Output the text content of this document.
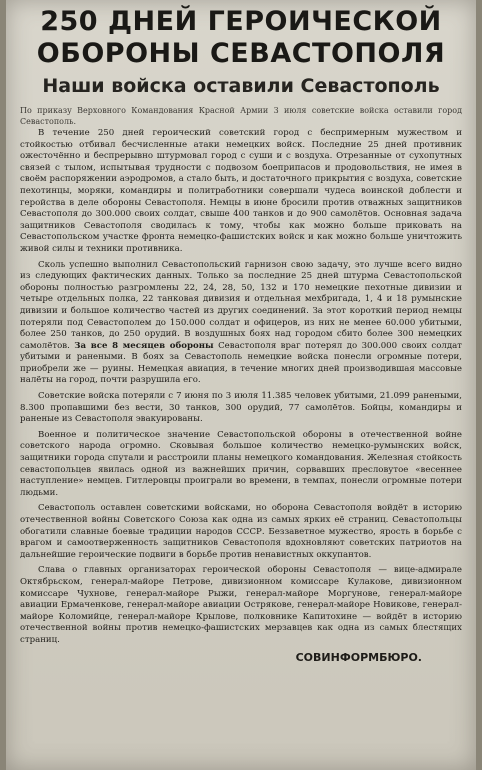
250 ДНЕЙ ГЕРОИЧЕСКОЙ
ОБОРОНЫ СЕВАСТОПОЛЯ
Наши войска оставили Севастополь

По приказу Верховного Командования Красной Армии 3 июля советские войска оставили город Севастополь.

В течение 250 дней героический советский город с беспримерным мужеством и стойкостью отбивал бесчисленные атаки немецких войск. Последние 25 дней противник ожесточённо и беспрерывно штурмовал город с суши и с воздуха. Отрезанные от сухопутных связей с тылом, испытывая трудности с подвозом боеприпасов и продовольствия, не имея в своём распоряжении аэродромов, а стало быть, и достаточного прикрытия с воздуха, советские пехотинцы, моряки, командиры и политработники совершали чудеса воинской доблести и геройства в деле обороны Севастополя. Немцы в июне бросили против отважных защитников Севастополя до 300.000 своих солдат, свыше 400 танков и до 900 самолётов. Основная задача защитников Севастополя сводилась к тому, чтобы как можно больше приковать на Севастопольском участке фронта немецко-фашистских войск и как можно больше уничтожить живой силы и техники противника.

Сколь успешно выполнил Севастопольский гарнизон свою задачу, это лучше всего видно из следующих фактических данных. Только за последние 25 дней штурма Севастопольской обороны полностью разгромлены 22, 24, 28, 50, 132 и 170 немецкие пехотные дивизии и четыре отдельных полка, 22 танковая дивизия и отдельная мехбригада, 1, 4 и 18 румынские дивизии и большое количество частей из других соединений. За этот короткий период немцы потеряли под Севастополем до 150.000 солдат и офицеров, из них не менее 60.000 убитыми, более 250 танков, до 250 орудий. В воздушных боях над городом сбито более 300 немецких самолётов. За все 8 месяцев обороны Севастополя враг потерял до 300.000 своих солдат убитыми и ранеными. В боях за Севастополь немецкие войска понесли огромные потери, приобрели же — руины. Немецкая авиация, в течение многих дней производившая массовые налёты на город, почти разрушила его.

Советские войска потеряли с 7 июня по 3 июля 11.385 человек убитыми, 21.099 ранеными, 8.300 пропавшими без вести, 30 танков, 300 орудий, 77 самолётов. Бойцы, командиры и раненые из Севастополя эвакуированы.

Военное и политическое значение Севастопольской обороны в отечественной войне советского народа огромно. Сковывая большое количество немецко-румынских войск, защитники города спутали и расстроили планы немецкого командования. Железная стойкость севастопольцев явилась одной из важнейших причин, сорвавших пресловутое «весеннее наступление» немцев. Гитлеровцы проиграли во времени, в темпах, понесли огромные потери людьми.

Севастополь оставлен советскими войсками, но оборона Севастополя войдёт в историю отечественной войны Советского Союза как одна из самых ярких её страниц. Севастопольцы обогатили славные боевые традиции народов СССР. Беззаветное мужество, ярость в борьбе с врагом и самоотверженность защитников Севастополя вдохновляют советских патриотов на дальнейшие героические подвиги в борьбе против ненавистных оккупантов.

Слава о главных организаторах героической обороны Севастополя — вице-адмирале Октябрьском, генерал-майоре Петрове, дивизионном комиссаре Кулакове, дивизионном комиссаре Чухнове, генерал-майоре Рыжи, генерал-майоре Моргунове, генерал-майоре авиации Ермаченкове, генерал-майоре авиации Острякове, генерал-майоре Новикове, генерал-майоре Коломийце, генерал-майоре Крылове, полковнике Капитохине — войдёт в историю отечественной войны против немецко-фашистских мерзавцев как одна из самых блестящих страниц.

СОВИНФОРМБЮРО.
